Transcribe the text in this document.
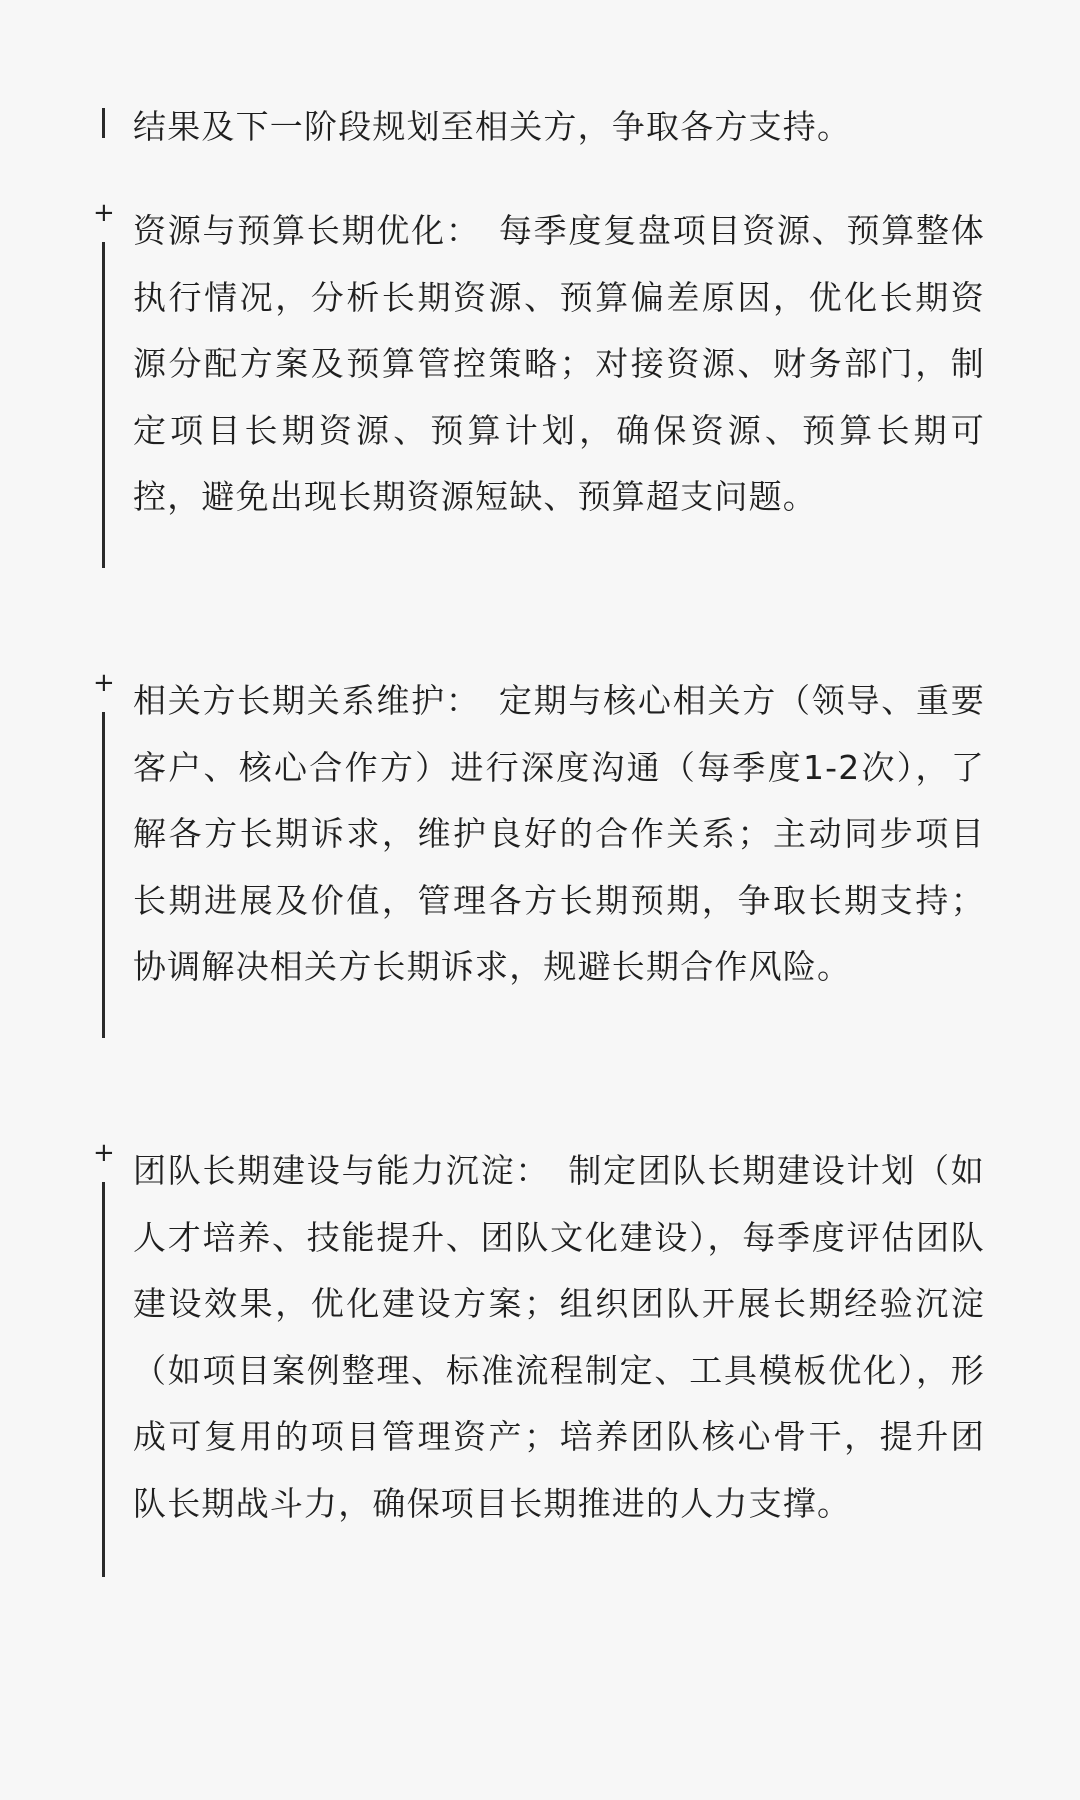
结果及下一阶段规划至相关方，争取各方支持。

+ 资源与预算长期优化：　每季度复盘项目资源、预算整体执行情况，分析长期资源、预算偏差原因，优化长期资源分配方案及预算管控策略；对接资源、财务部门，制定项目长期资源、预算计划，确保资源、预算长期可控，避免出现长期资源短缺、预算超支问题。

+ 相关方长期关系维护：　定期与核心相关方（领导、重要客户、核心合作方）进行深度沟通（每季度1-2次），了解各方长期诉求，维护良好的合作关系；主动同步项目长期进展及价值，管理各方长期预期，争取长期支持；协调解决相关方长期诉求，规避长期合作风险。

+ 团队长期建设与能力沉淀：　制定团队长期建设计划（如人才培养、技能提升、团队文化建设），每季度评估团队建设效果，优化建设方案；组织团队开展长期经验沉淀（如项目案例整理、标准流程制定、工具模板优化），形成可复用的项目管理资产；培养团队核心骨干，提升团队长期战斗力，确保项目长期推进的人力支撑。
